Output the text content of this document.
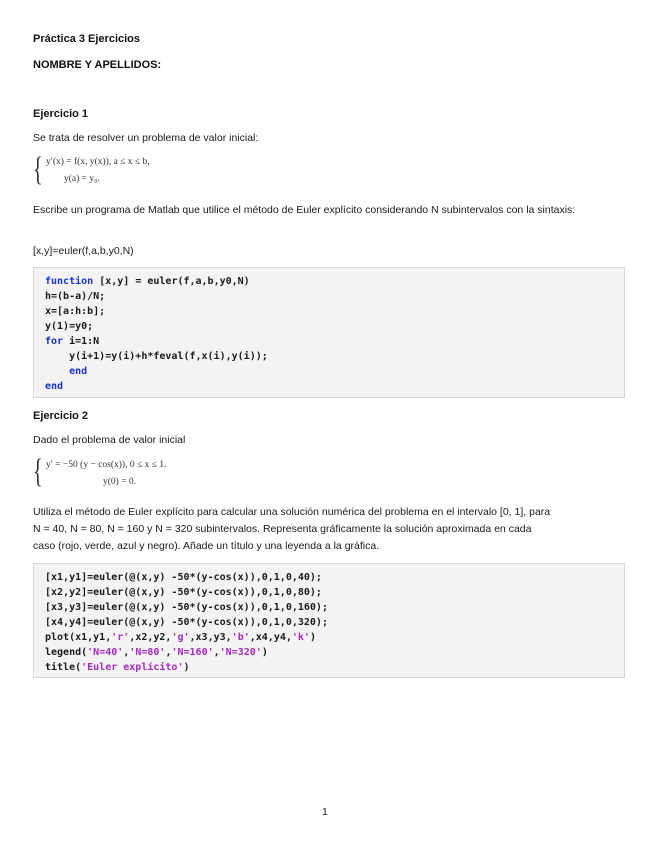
Práctica 3 Ejercicios
NOMBRE Y APELLIDOS:
Ejercicio 1
Se trata de resolver un problema de valor inicial:
{ y′(x) = f(x, y(x)), a ≤ x ≤ b,
y(a) = y₀.
Escribe un programa de Matlab que utilice el método de Euler explícito considerando N subintervalos con la sintaxis:
[x,y]=euler(f,a,b,y0,N)
function [x,y] = euler(f,a,b,y0,N)
h=(b-a)/N;
x=[a:h:b];
y(1)=y0;
for i=1:N
y(i+1)=y(i)+h*feval(f,x(i),y(i));
end
end
Ejercicio 2
Dado el problema de valor inicial
{ y′ = −50 (y − cos(x)), 0 ≤ x ≤ 1.
y(0) = 0.
Utiliza el método de Euler explícito para calcular una solución numérica del problema en el intervalo [0, 1], para
N = 40, N = 80, N = 160 y N = 320 subintervalos. Representa gráficamente la solución aproximada en cada
caso (rojo, verde, azul y negro). Añade un título y una leyenda a la gráfica.
[x1,y1]=euler(@(x,y) -50*(y-cos(x)),0,1,0,40);
[x2,y2]=euler(@(x,y) -50*(y-cos(x)),0,1,0,80);
[x3,y3]=euler(@(x,y) -50*(y-cos(x)),0,1,0,160);
[x4,y4]=euler(@(x,y) -50*(y-cos(x)),0,1,0,320);
plot(x1,y1,'r',x2,y2,'g',x3,y3,'b',x4,y4,'k')
legend('N=40','N=80','N=160','N=320')
title('Euler explícito')
1
